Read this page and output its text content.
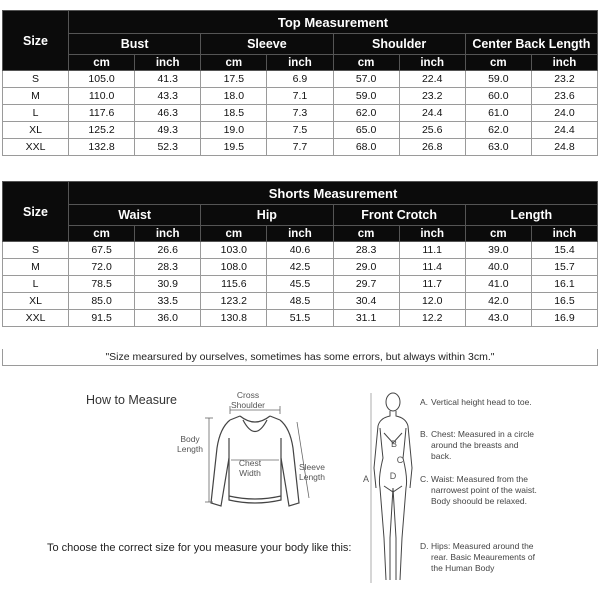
Size	Top Measurement							
	Bust		Sleeve		Shoulder		Center Back Length	
	cm	inch	cm	inch	cm	inch	cm	inch
S	105.0	41.3	17.5	6.9	57.0	22.4	59.0	23.2
M	110.0	43.3	18.0	7.1	59.0	23.2	60.0	23.6
L	117.6	46.3	18.5	7.3	62.0	24.4	61.0	24.0
XL	125.2	49.3	19.0	7.5	65.0	25.6	62.0	24.4
XXL	132.8	52.3	19.5	7.7	68.0	26.8	63.0	24.8
Size	Shorts Measurement							
	Waist		Hip		Front Crotch		Length	
	cm	inch	cm	inch	cm	inch	cm	inch
S	67.5	26.6	103.0	40.6	28.3	11.1	39.0	15.4
M	72.0	28.3	108.0	42.5	29.0	11.4	40.0	15.7
L	78.5	30.9	115.6	45.5	29.7	11.7	41.0	16.1
XL	85.0	33.5	123.2	48.5	30.4	12.0	42.0	16.5
XXL	91.5	36.0	130.8	51.5	31.1	12.2	43.0	16.9
"Size mearsured by ourselves, sometimes has some errors, but always within 3cm."
How to Measure	Cross Shoulder
Body Length
Chest Width
Sleeve Length
To choose the correct size for you measure your body like this:
A
B
C
D
A. Vertical height head to toe.
B. Chest: Measured in a circle around the breasts and back.
C. Waist: Measured from the narrowest point of the waist. Body shoould be relaxed.
D. Hips: Measured around the rear. Basic Meaurements of the Human Body
